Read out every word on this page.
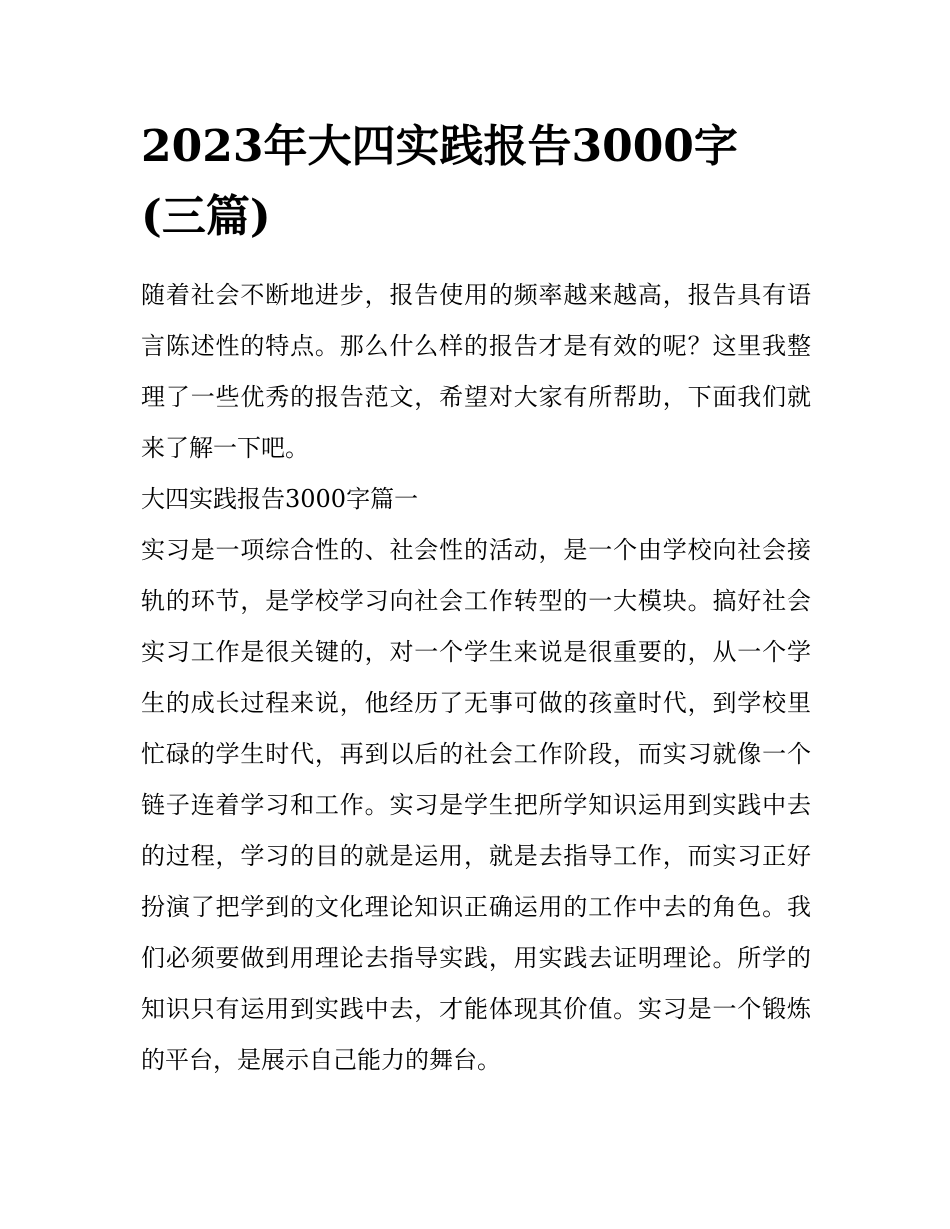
2023年大四实践报告3000字
(三篇)

随着社会不断地进步，报告使用的频率越来越高，报告具有语言陈述性的特点。那么什么样的报告才是有效的呢？这里我整理了一些优秀的报告范文，希望对大家有所帮助，下面我们就来了解一下吧。

大四实践报告3000字篇一

实习是一项综合性的、社会性的活动，是一个由学校向社会接轨的环节，是学校学习向社会工作转型的一大模块。搞好社会实习工作是很关键的，对一个学生来说是很重要的，从一个学生的成长过程来说，他经历了无事可做的孩童时代，到学校里忙碌的学生时代，再到以后的社会工作阶段，而实习就像一个链子连着学习和工作。实习是学生把所学知识运用到实践中去的过程，学习的目的就是运用，就是去指导工作，而实习正好扮演了把学到的文化理论知识正确运用的工作中去的角色。我们必须要做到用理论去指导实践，用实践去证明理论。所学的知识只有运用到实践中去，才能体现其价值。实习是一个锻炼的平台，是展示自己能力的舞台。
